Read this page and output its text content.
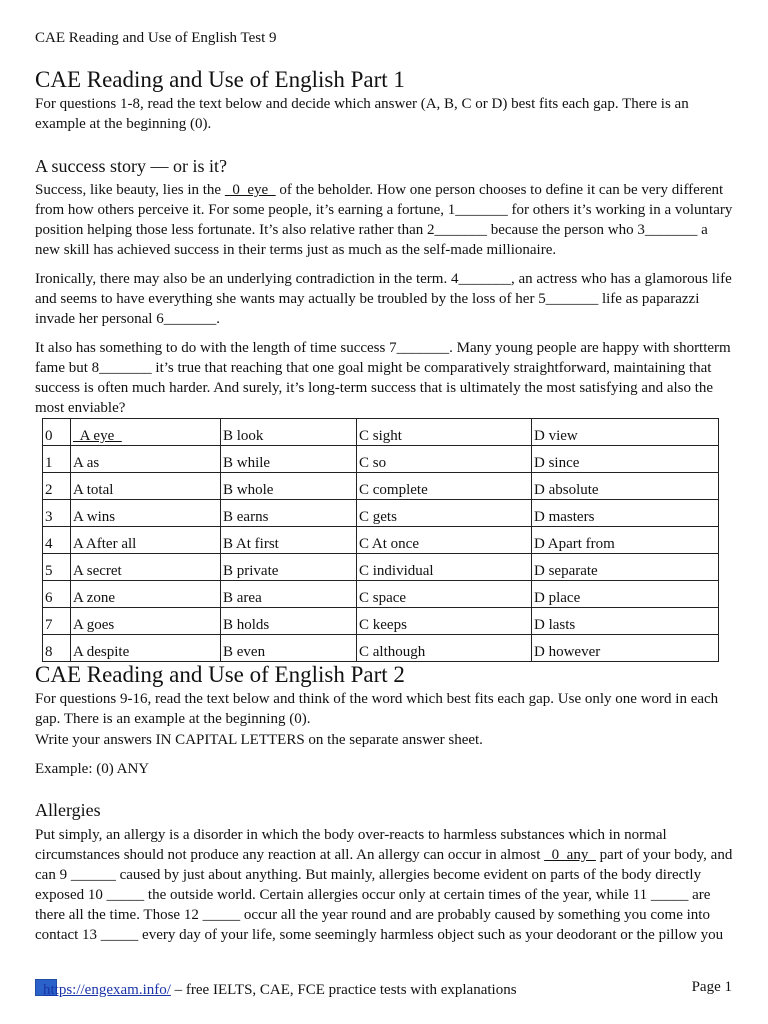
CAE Reading and Use of English Test 9
CAE Reading and Use of English Part 1

For questions 1-8, read the text below and decide which answer (A, B, C or D) best fits each gap. There is an example at the beginning (0).

A success story — or is it?

Success, like beauty, lies in the   0  eye   of the beholder. How one person chooses to define it can be very different from how others perceive it. For some people, it’s earning a fortune, 1_______ for others it’s working in a voluntary position helping those less fortunate. It’s also relative rather than 2_______ because the person who 3_______ a new skill has achieved success in their terms just as much as the self-made millionaire.

Ironically, there may also be an underlying contradiction in the term. 4_______, an actress who has a glamorous life and seems to have everything she wants may actually be troubled by the loss of her 5_______ life as paparazzi invade her personal 6_______.

It also has something to do with the length of time success 7_______. Many young people are happy with shortterm fame but 8_______ it’s true that reaching that one goal might be comparatively straightforward, maintaining that success is often much harder. And surely, it’s long-term success that is ultimately the most satisfying and also the most enviable?

0	A eye	B look	C sight	D view
1	A as	B while	C so	D since
2	A total	B whole	C complete	D absolute
3	A wins	B earns	C gets	D masters
4	A After all	B At first	C At once	D Apart from
5	A secret	B private	C individual	D separate
6	A zone	B area	C space	D place
7	A goes	B holds	C keeps	D lasts
8	A despite	B even	C although	D however
CAE Reading and Use of English Part 2

For questions 9-16, read the text below and think of the word which best fits each gap. Use only one word in each gap. There is an example at the beginning (0).

Write your answers IN CAPITAL LETTERS on the separate answer sheet.

Example: (0) ANY

Allergies

Put simply, an allergy is a disorder in which the body over-reacts to harmless substances which in normal circumstances should not produce any reaction at all. An allergy can occur in almost   0  any   part of your body, and can 9 ______ caused by just about anything. But mainly, allergies become evident on parts of the body directly exposed 10 _____ the outside world. Certain allergies occur only at certain times of the year, while 11 _____ are there all the time. Those 12 _____ occur all the year round and are probably caused by something you come into contact 13 _____ every day of your life, some seemingly harmless object such as your deodorant or the pillow you

https://engexam.info/ – free IELTS, CAE, FCE practice tests with explanations	Page 1
